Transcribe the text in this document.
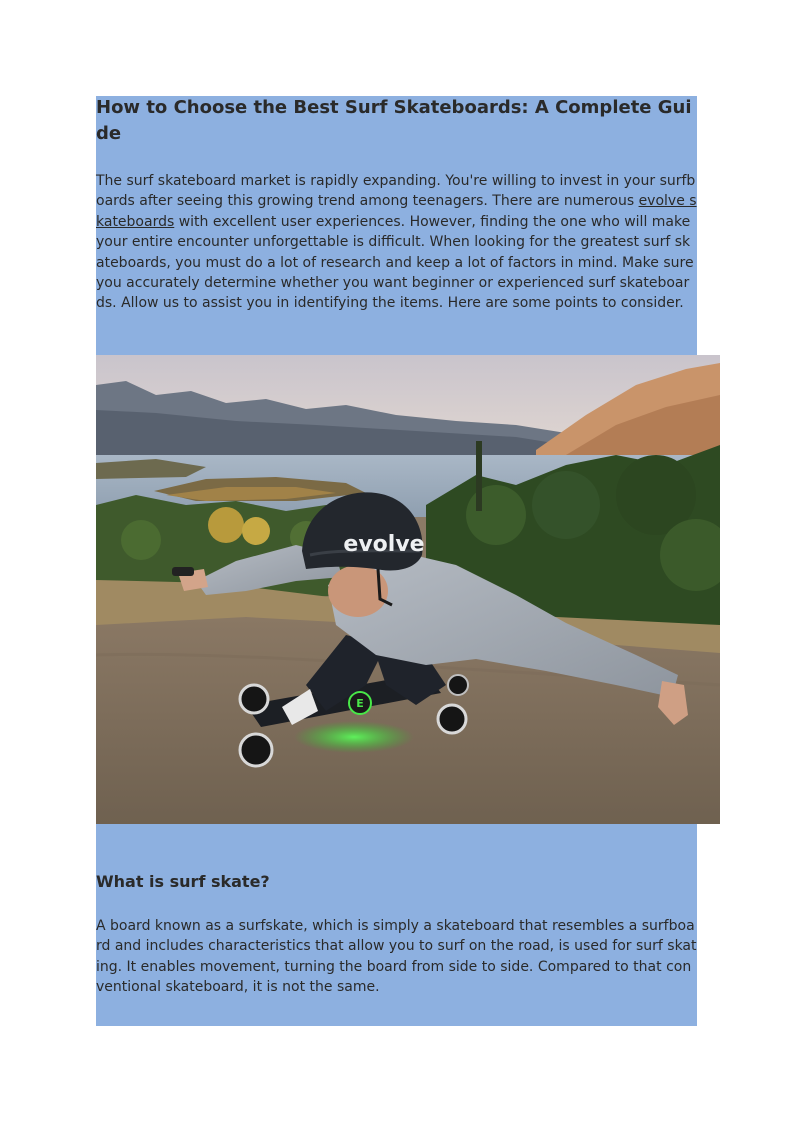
How to Choose the Best Surf Skateboards: A Complete Guide

The surf skateboard market is rapidly expanding. You're willing to invest in your surfboards after seeing this growing trend among teenagers. There are numerous evolve skateboards with excellent user experiences. However, finding the one who will make your entire encounter unforgettable is difficult. When looking for the greatest surf skateboards, you must do a lot of research and keep a lot of factors in mind. Make sure you accurately determine whether you want beginner or experienced surf skateboards. Allow us to assist you in identifying the items. Here are some points to consider.

E
evolve
What is surf skate?

A board known as a surfskate, which is simply a skateboard that resembles a surfboard and includes characteristics that allow you to surf on the road, is used for surf skating. It enables movement, turning the board from side to side. Compared to that conventional skateboard, it is not the same.
